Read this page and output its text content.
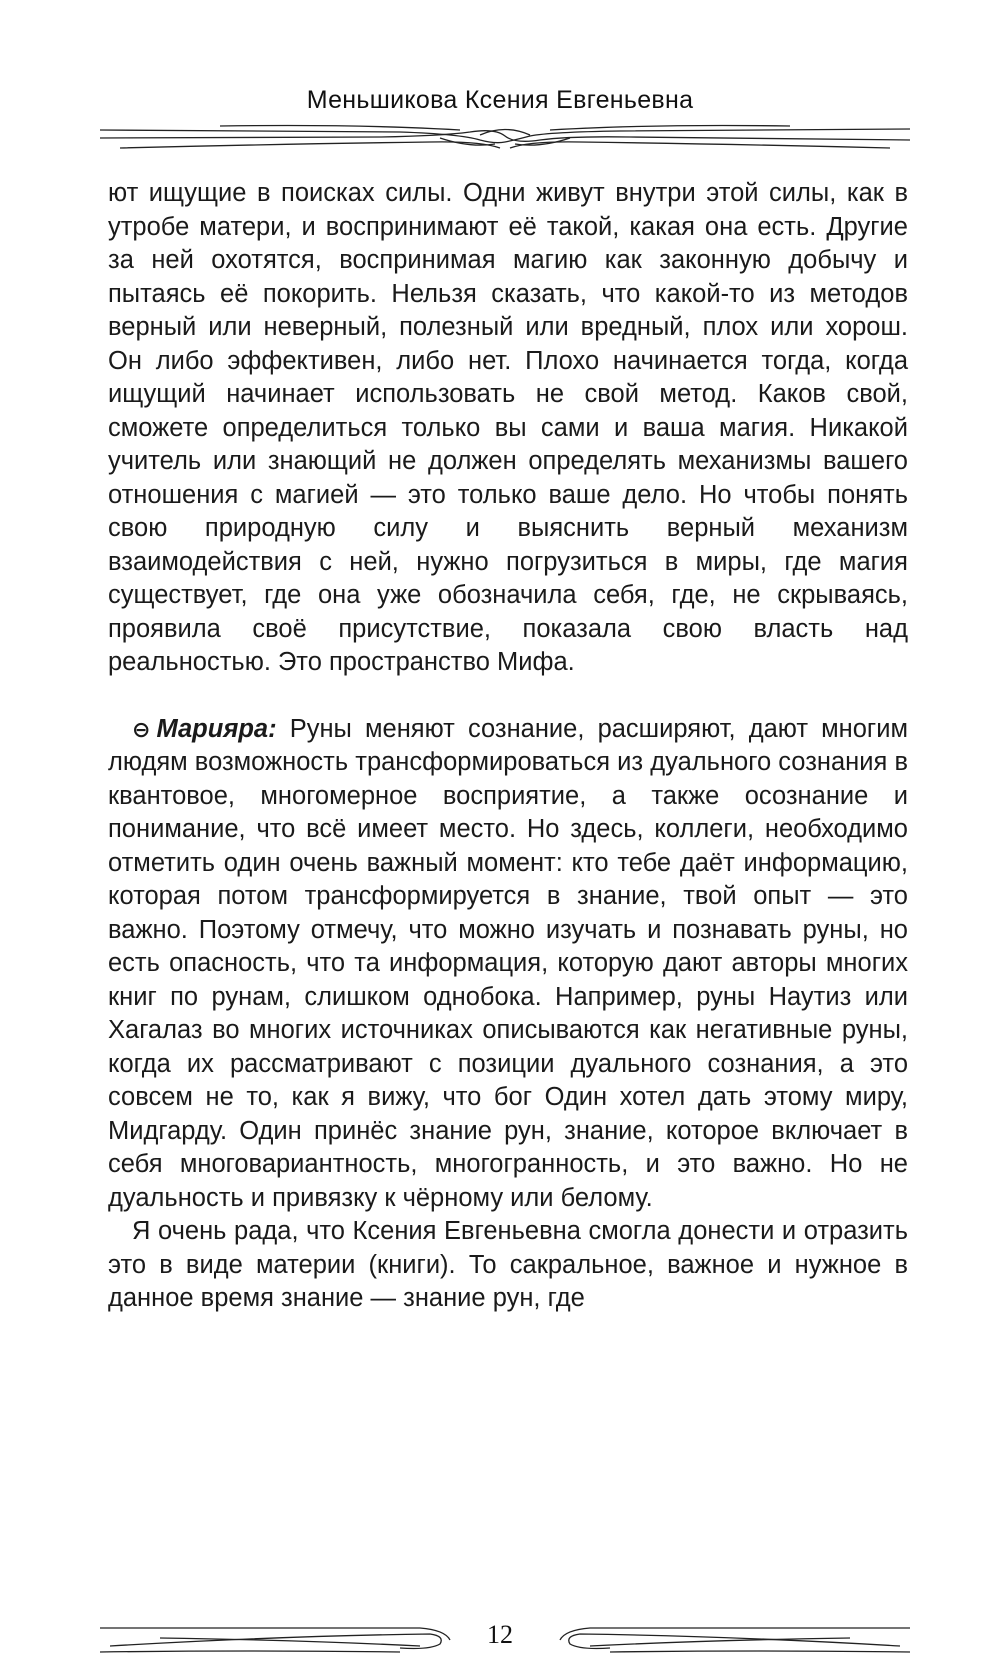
Меньшикова Ксения Евгеньевна

ют ищущие в поисках силы. Одни живут внутри этой силы, как в утробе матери, и воспринимают её такой, какая она есть. Другие за ней охотятся, воспринимая магию как законную добычу и пытаясь её покорить. Нельзя сказать, что какой-то из методов верный или неверный, полезный или вредный, плох или хорош. Он либо эффективен, либо нет. Плохо начинается тогда, когда ищущий начинает использовать не свой метод. Каков свой, сможете определиться только вы сами и ваша магия. Никакой учитель или знающий не должен определять механизмы вашего отношения с магией — это только ваше дело. Но чтобы понять свою природную силу и выяснить верный механизм взаимодействия с ней, нужно погрузиться в миры, где магия существует, где она уже обозначила себя, где, не скрываясь, проявила своё присутствие, показала свою власть над реальностью. Это пространство Мифа.

⊖ Марияра: Руны меняют сознание, расширяют, дают многим людям возможность трансформироваться из дуального сознания в квантовое, многомерное восприятие, а также осознание и понимание, что всё имеет место. Но здесь, коллеги, необходимо отметить один очень важный момент: кто тебе даёт информацию, которая потом трансформируется в знание, твой опыт — это важно. Поэтому отмечу, что можно изучать и познавать руны, но есть опасность, что та информация, которую дают авторы многих книг по рунам, слишком однобока. Например, руны Наутиз или Хагалаз во многих источниках описываются как негативные руны, когда их рассматривают с позиции дуального сознания, а это совсем не то, как я вижу, что бог Один хотел дать этому миру, Мидгарду. Один принёс знание рун, знание, которое включает в себя многовариантность, многогранность, и это важно. Но не дуальность и привязку к чёрному или белому.

Я очень рада, что Ксения Евгеньевна смогла донести и отразить это в виде материи (книги). То сакральное, важное и нужное в данное время знание — знание рун, где

12
